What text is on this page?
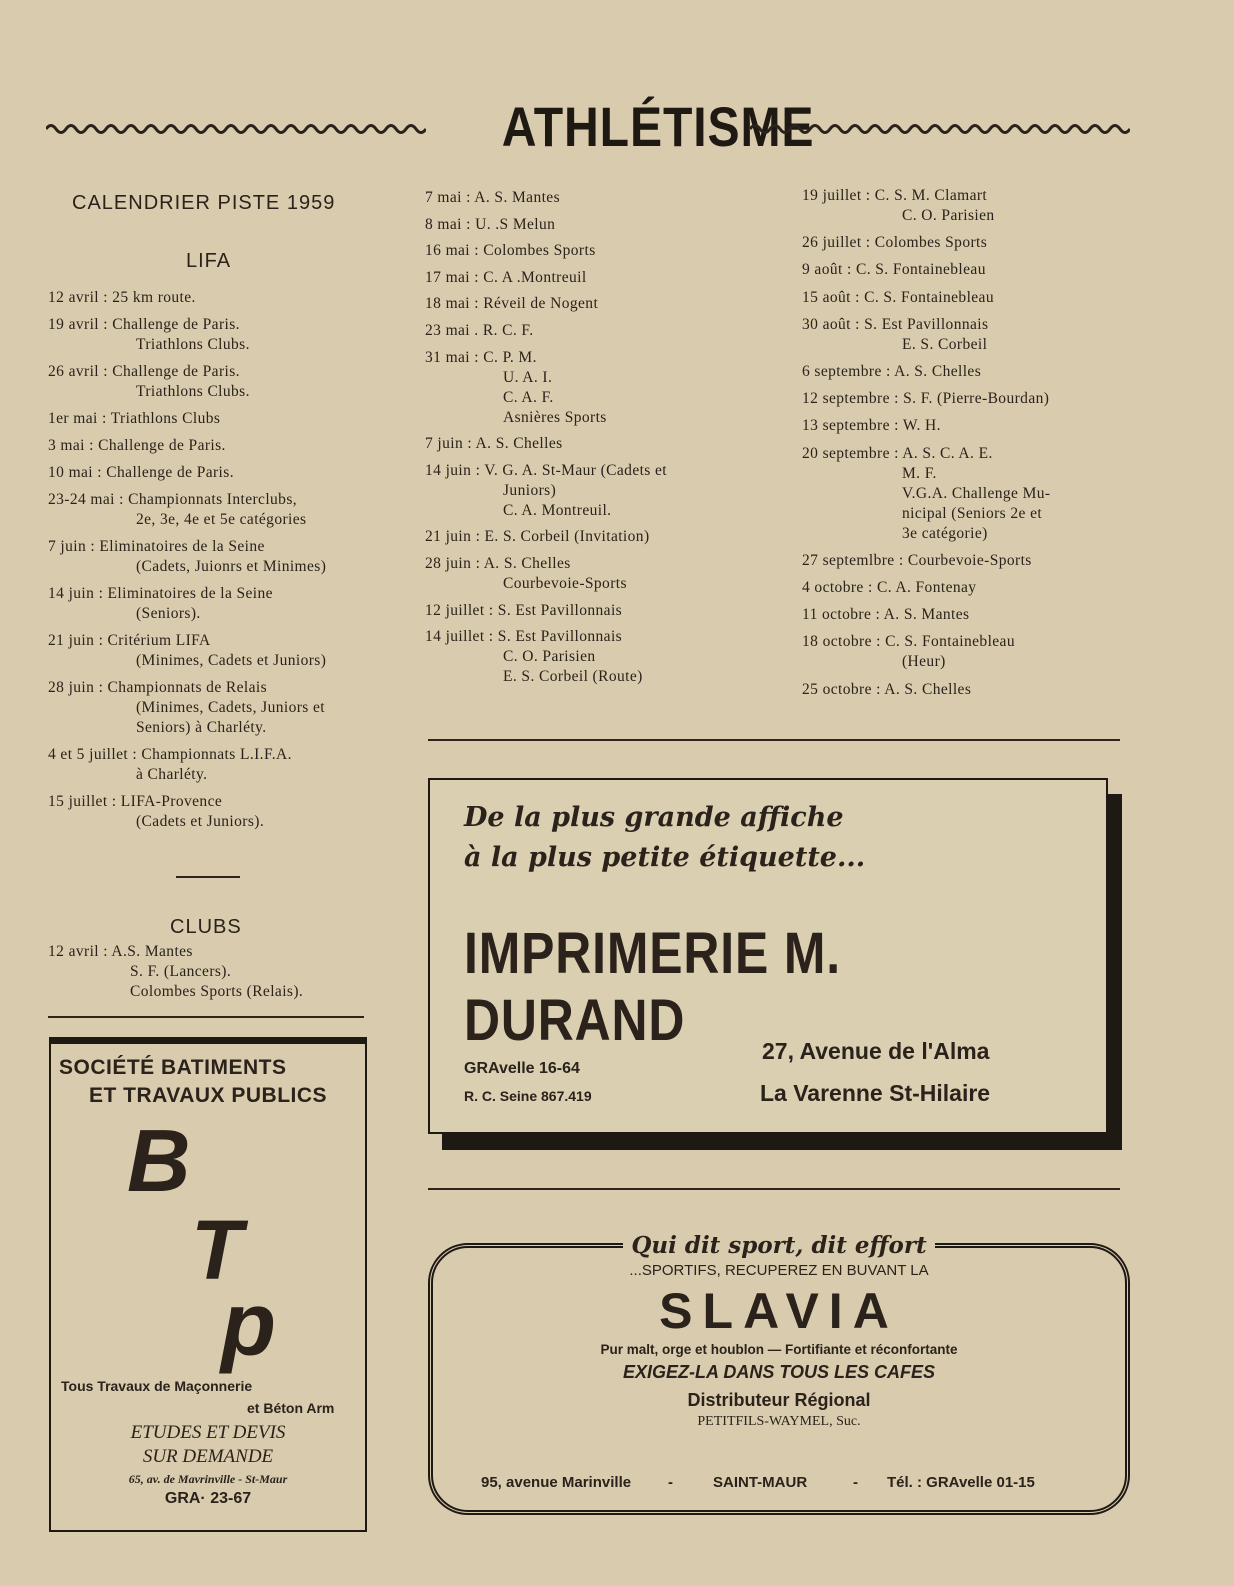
ATHLÉTISME
CALENDRIER PISTE 1959
LIFA
12 avril : 25 km route.
19 avril : Challenge de Paris.
Triathlons Clubs.
26 avril : Challenge de Paris.
Triathlons Clubs.
1er mai : Triathlons Clubs
3 mai : Challenge de Paris.
10 mai : Challenge de Paris.
23-24 mai : Championnats Interclubs,
2e, 3e, 4e et 5e catégories
7 juin : Eliminatoires de la Seine
(Cadets, Juionrs et Minimes)
14 juin : Eliminatoires de la Seine
(Seniors).
21 juin : Critérium LIFA
(Minimes, Cadets et Juniors)
28 juin : Championnats de Relais
(Minimes, Cadets, Juniors et
Seniors) à Charléty.
4 et 5 juillet : Championnats L.I.F.A.
à Charléty.
15 juillet : LIFA-Provence
(Cadets et Juniors).
CLUBS
12 avril : A.S. Mantes
S. F. (Lancers).
Colombes Sports (Relais).
7 mai : A. S. Mantes
8 mai : U. .S Melun
16 mai : Colombes Sports
17 mai : C. A .Montreuil
18 mai : Réveil de Nogent
23 mai . R. C. F.
31 mai : C. P. M.
U. A. I.
C. A. F.
Asnières Sports
7 juin : A. S. Chelles
14 juin : V. G. A. St-Maur (Cadets et
Juniors)
C. A. Montreuil.
21 juin : E. S. Corbeil (Invitation)
28 juin : A. S. Chelles
Courbevoie-Sports
12 juillet : S. Est Pavillonnais
14 juillet : S. Est Pavillonnais
C. O. Parisien
E. S. Corbeil (Route)
19 juillet : C. S. M. Clamart
C. O. Parisien
26 juillet : Colombes Sports
9 août : C. S. Fontainebleau
15 août : C. S. Fontainebleau
30 août : S. Est Pavillonnais
E. S. Corbeil
6 septembre : A. S. Chelles
12 septembre : S. F. (Pierre-Bourdan)
13 septembre : W. H.
20 septembre : A. S. C. A. E.
M. F.
V.G.A. Challenge Mu-
nicipal (Seniors 2e et
3e catégorie)
27 septemlbre : Courbevoie-Sports
4 octobre : C. A. Fontenay
11 octobre : A. S. Mantes
18 octobre : C. S. Fontainebleau
(Heur)
25 octobre : A. S. Chelles
De la plus grande affiche
à la plus petite étiquette...
IMPRIMERIE M. DURAND
GRAvelle 16-64
R. C. Seine 867.419
27, Avenue de l'Alma
La Varenne St-Hilaire
SOCIÉTÉ BATIMENTS
ET TRAVAUX PUBLICS
B
T
p
Tous Travaux de Maçonnerie
et Béton Arm
ETUDES ET DEVIS
SUR DEMANDE
65, av. de Mavrinville - St-Maur
GRA· 23-67
Qui dit sport, dit effort
...SPORTIFS, RECUPEREZ EN BUVANT LA
SLAVIA
Pur malt, orge et houblon — Fortifiante et réconfortante
EXIGEZ-LA DANS TOUS LES CAFES
Distributeur Régional
PETITFILS-WAYMEL, Suc.
95, avenue Marinville -	SAINT-MAUR	- Tél. : GRAvelle 01-15
